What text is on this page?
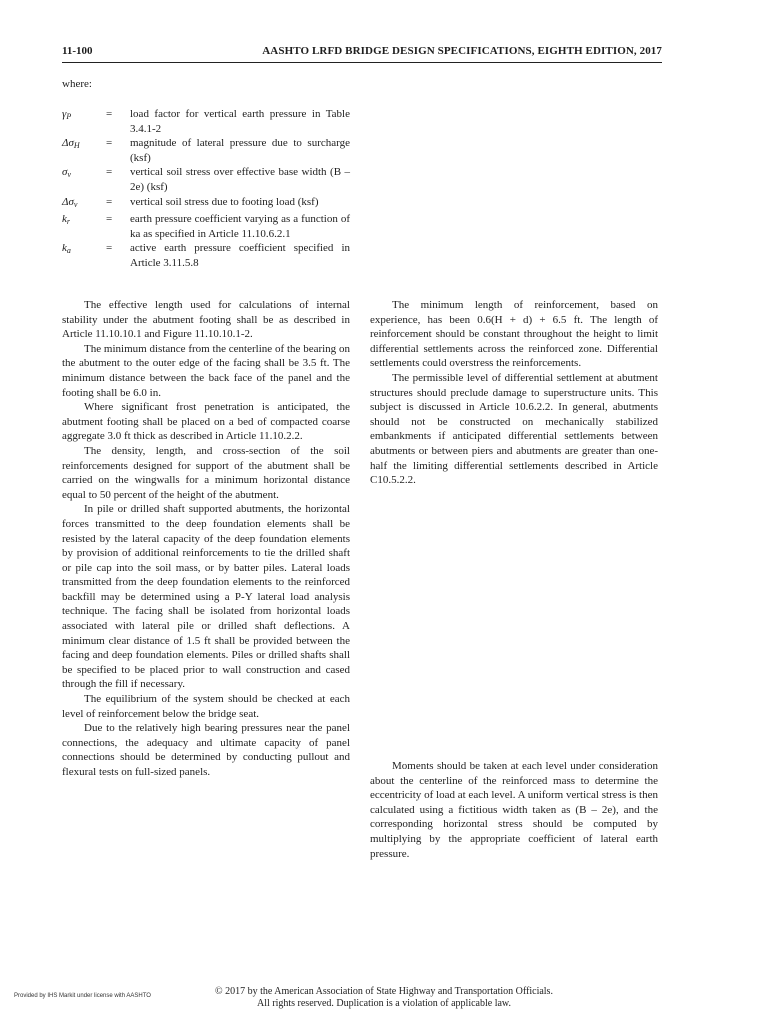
11-100	AASHTO LRFD BRIDGE DESIGN SPECIFICATIONS, EIGHTH EDITION, 2017
where:
$\gamma_P$	=	load factor for vertical earth pressure in Table 3.4.1-2
$\Delta\sigma_H$	=	magnitude of lateral pressure due to surcharge (ksf)
$\sigma_v$	=	vertical soil stress over effective base width (B – 2e) (ksf)
$\Delta\sigma_v$	=	vertical soil stress due to footing load (ksf)
$k_r$	=	earth pressure coefficient varying as a function of ka as specified in Article 11.10.6.2.1
$k_a$	=	active earth pressure coefficient specified in Article 3.11.5.8

The effective length used for calculations of internal stability under the abutment footing shall be as described in Article 11.10.10.1 and Figure 11.10.10.1-2.

The minimum distance from the centerline of the bearing on the abutment to the outer edge of the facing shall be 3.5 ft. The minimum distance between the back face of the panel and the footing shall be 6.0 in.

Where significant frost penetration is anticipated, the abutment footing shall be placed on a bed of compacted coarse aggregate 3.0 ft thick as described in Article 11.10.2.2.

The density, length, and cross-section of the soil reinforcements designed for support of the abutment shall be carried on the wingwalls for a minimum horizontal distance equal to 50 percent of the height of the abutment.

In pile or drilled shaft supported abutments, the horizontal forces transmitted to the deep foundation elements shall be resisted by the lateral capacity of the deep foundation elements by provision of additional reinforcements to tie the drilled shaft or pile cap into the soil mass, or by batter piles. Lateral loads transmitted from the deep foundation elements to the reinforced backfill may be determined using a P-Y lateral load analysis technique. The facing shall be isolated from horizontal loads associated with lateral pile or drilled shaft deflections. A minimum clear distance of 1.5 ft shall be provided between the facing and deep foundation elements. Piles or drilled shafts shall be specified to be placed prior to wall construction and cased through the fill if necessary.

The equilibrium of the system should be checked at each level of reinforcement below the bridge seat.

Due to the relatively high bearing pressures near the panel connections, the adequacy and ultimate capacity of panel connections should be determined by conducting pullout and flexural tests on full-sized panels.

The minimum length of reinforcement, based on experience, has been 0.6(H + d) + 6.5 ft. The length of reinforcement should be constant throughout the height to limit differential settlements across the reinforced zone. Differential settlements could overstress the reinforcements.

The permissible level of differential settlement at abutment structures should preclude damage to superstructure units. This subject is discussed in Article 10.6.2.2. In general, abutments should not be constructed on mechanically stabilized embankments if anticipated differential settlements between abutments or between piers and abutments are greater than one-half the limiting differential settlements described in Article C10.5.2.2.

Moments should be taken at each level under consideration about the centerline of the reinforced mass to determine the eccentricity of load at each level. A uniform vertical stress is then calculated using a fictitious width taken as (B – 2e), and the corresponding horizontal stress should be computed by multiplying by the appropriate coefficient of lateral earth pressure.

Provided by IHS Markit under license with AASHTO	© 2017 by the American Association of State Highway and Transportation Officials.
All rights reserved. Duplication is a violation of applicable law.
